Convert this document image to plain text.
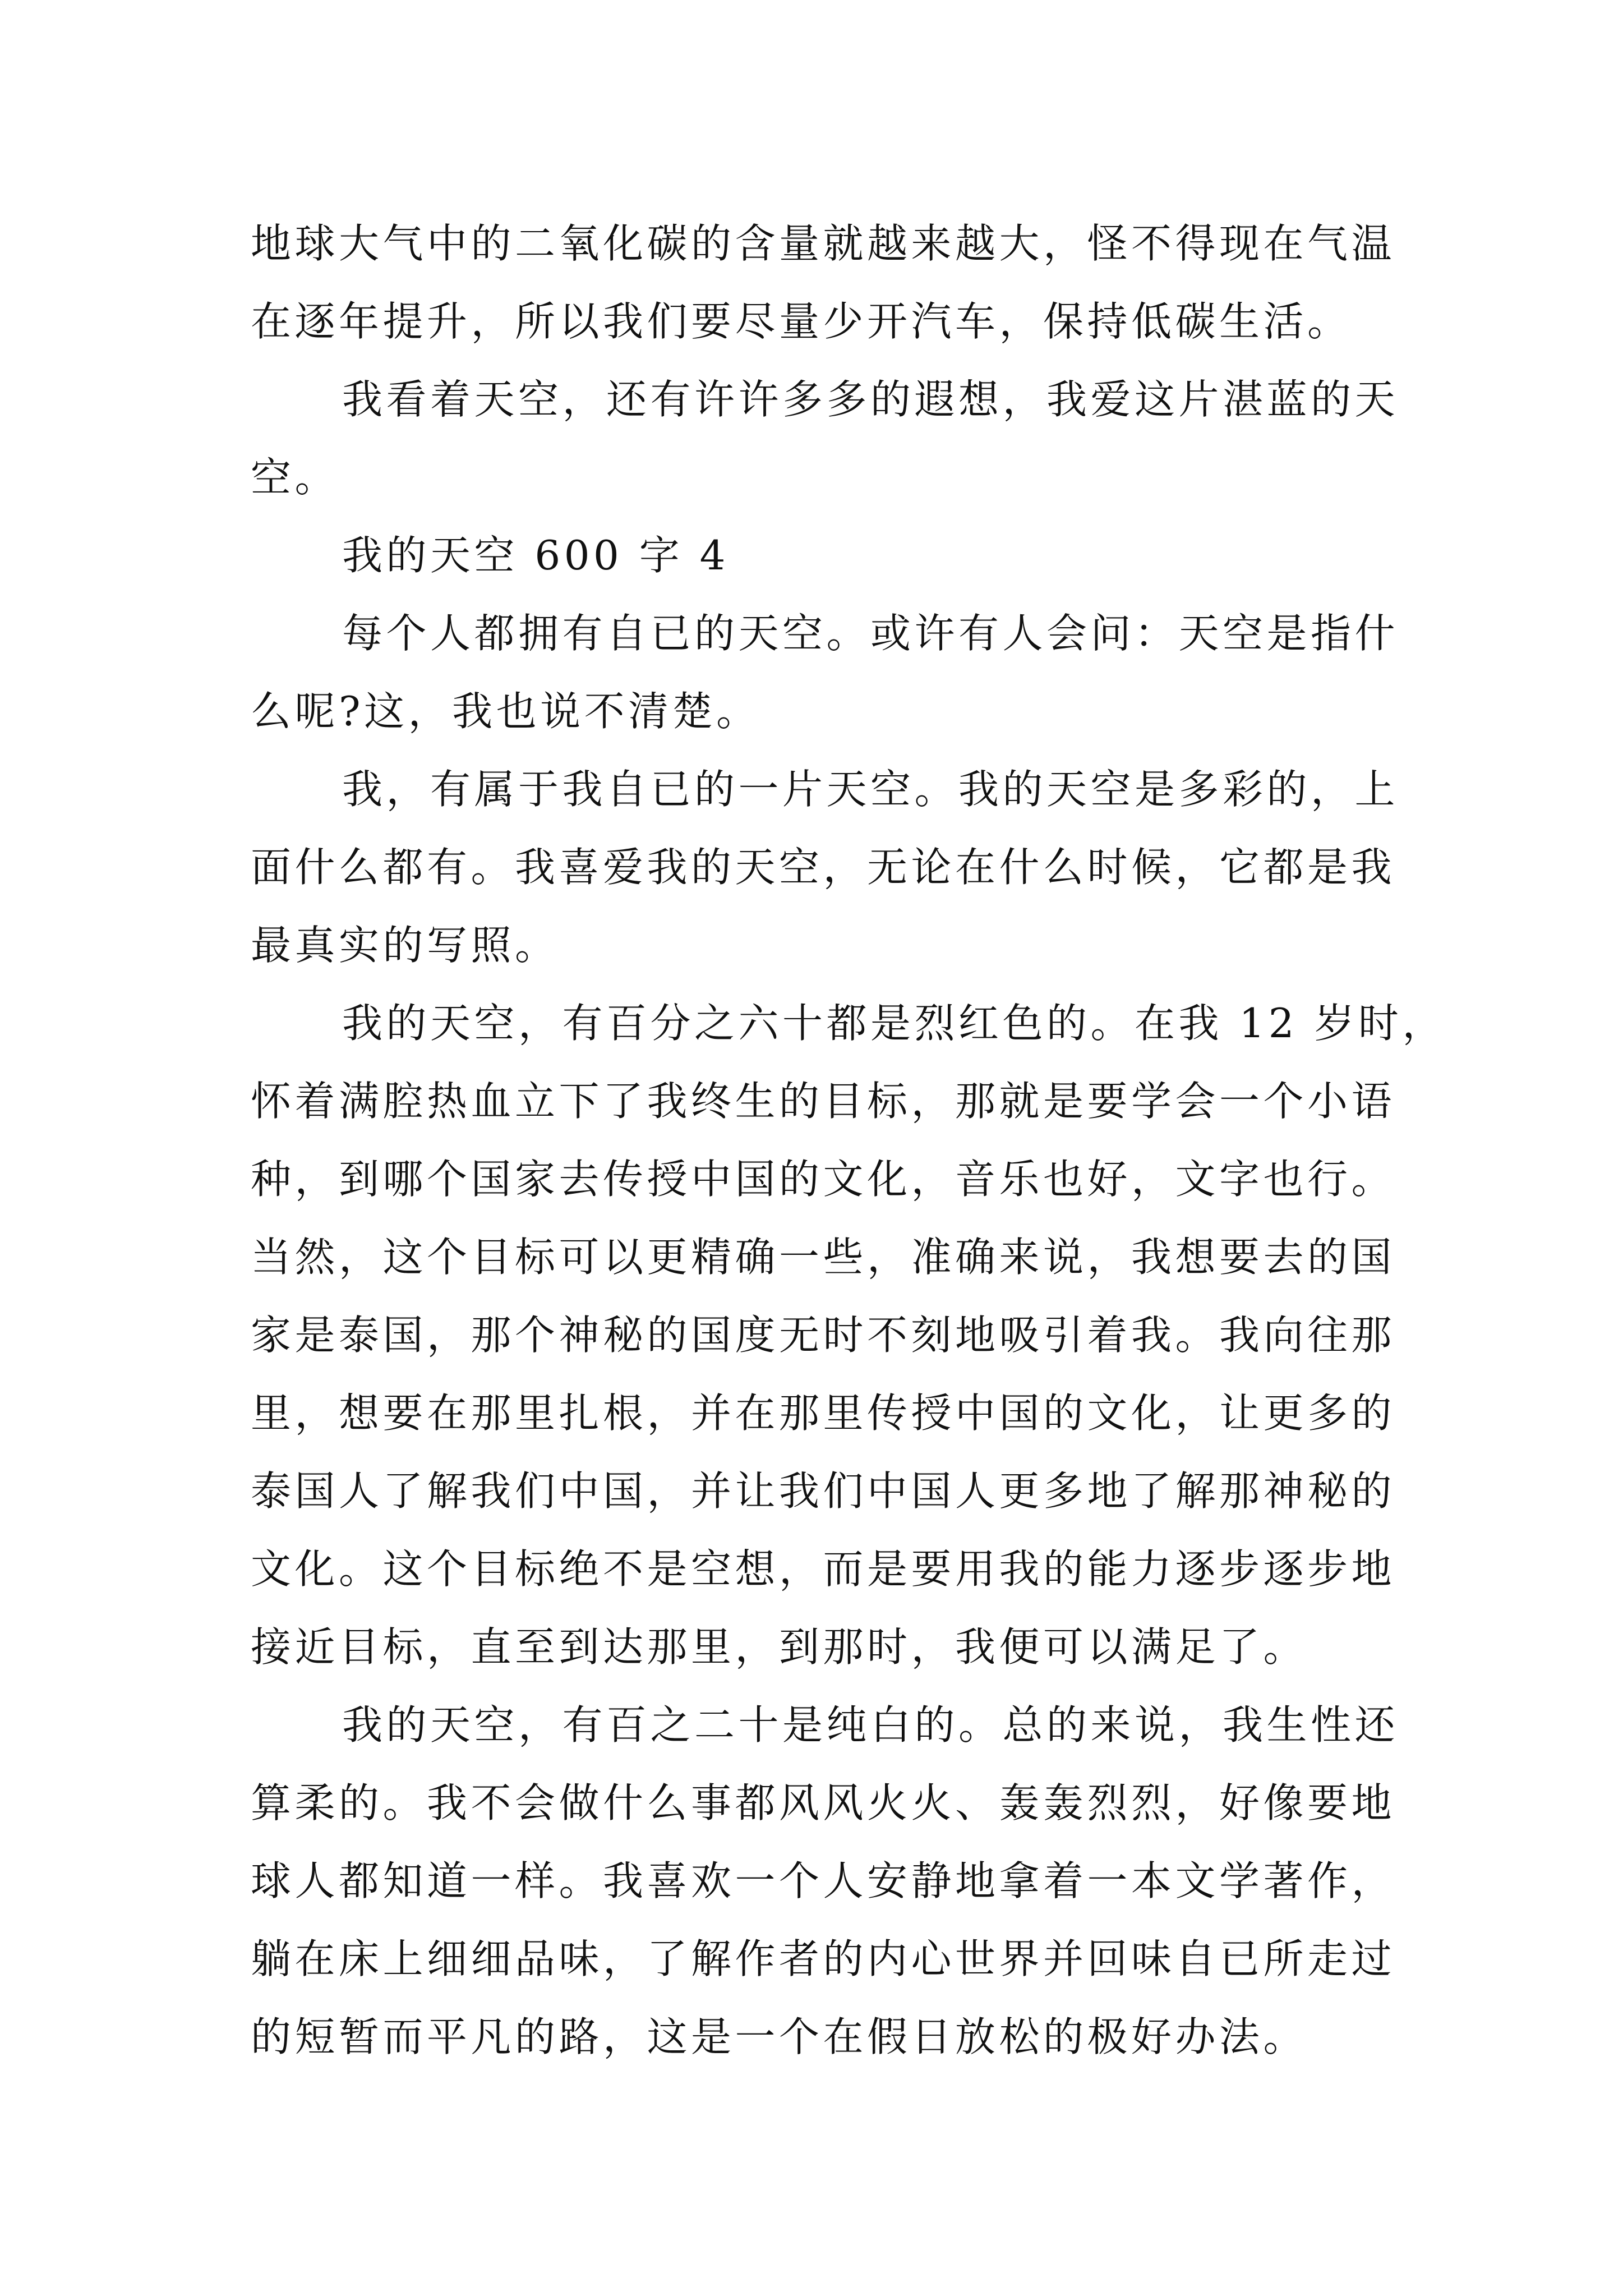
地球大气中的二氧化碳的含量就越来越大，怪不得现在气温
在逐年提升，所以我们要尽量少开汽车，保持低碳生活。
我看着天空，还有许许多多的遐想，我爱这片湛蓝的天
空。
我的天空 600 字 4
每个人都拥有自已的天空。或许有人会问：天空是指什
么呢?这，我也说不清楚。
我，有属于我自已的一片天空。我的天空是多彩的，上
面什么都有。我喜爱我的天空，无论在什么时候，它都是我
最真实的写照。
我的天空，有百分之六十都是烈红色的。在我 12 岁时，
怀着满腔热血立下了我终生的目标，那就是要学会一个小语
种，到哪个国家去传授中国的文化，音乐也好，文字也行。
当然，这个目标可以更精确一些，准确来说，我想要去的国
家是泰国，那个神秘的国度无时不刻地吸引着我。我向往那
里，想要在那里扎根，并在那里传授中国的文化，让更多的
泰国人了解我们中国，并让我们中国人更多地了解那神秘的
文化。这个目标绝不是空想，而是要用我的能力逐步逐步地
接近目标，直至到达那里，到那时，我便可以满足了。
我的天空，有百之二十是纯白的。总的来说，我生性还
算柔的。我不会做什么事都风风火火、轰轰烈烈，好像要地
球人都知道一样。我喜欢一个人安静地拿着一本文学著作，
躺在床上细细品味，了解作者的内心世界并回味自已所走过
的短暂而平凡的路，这是一个在假日放松的极好办法。
